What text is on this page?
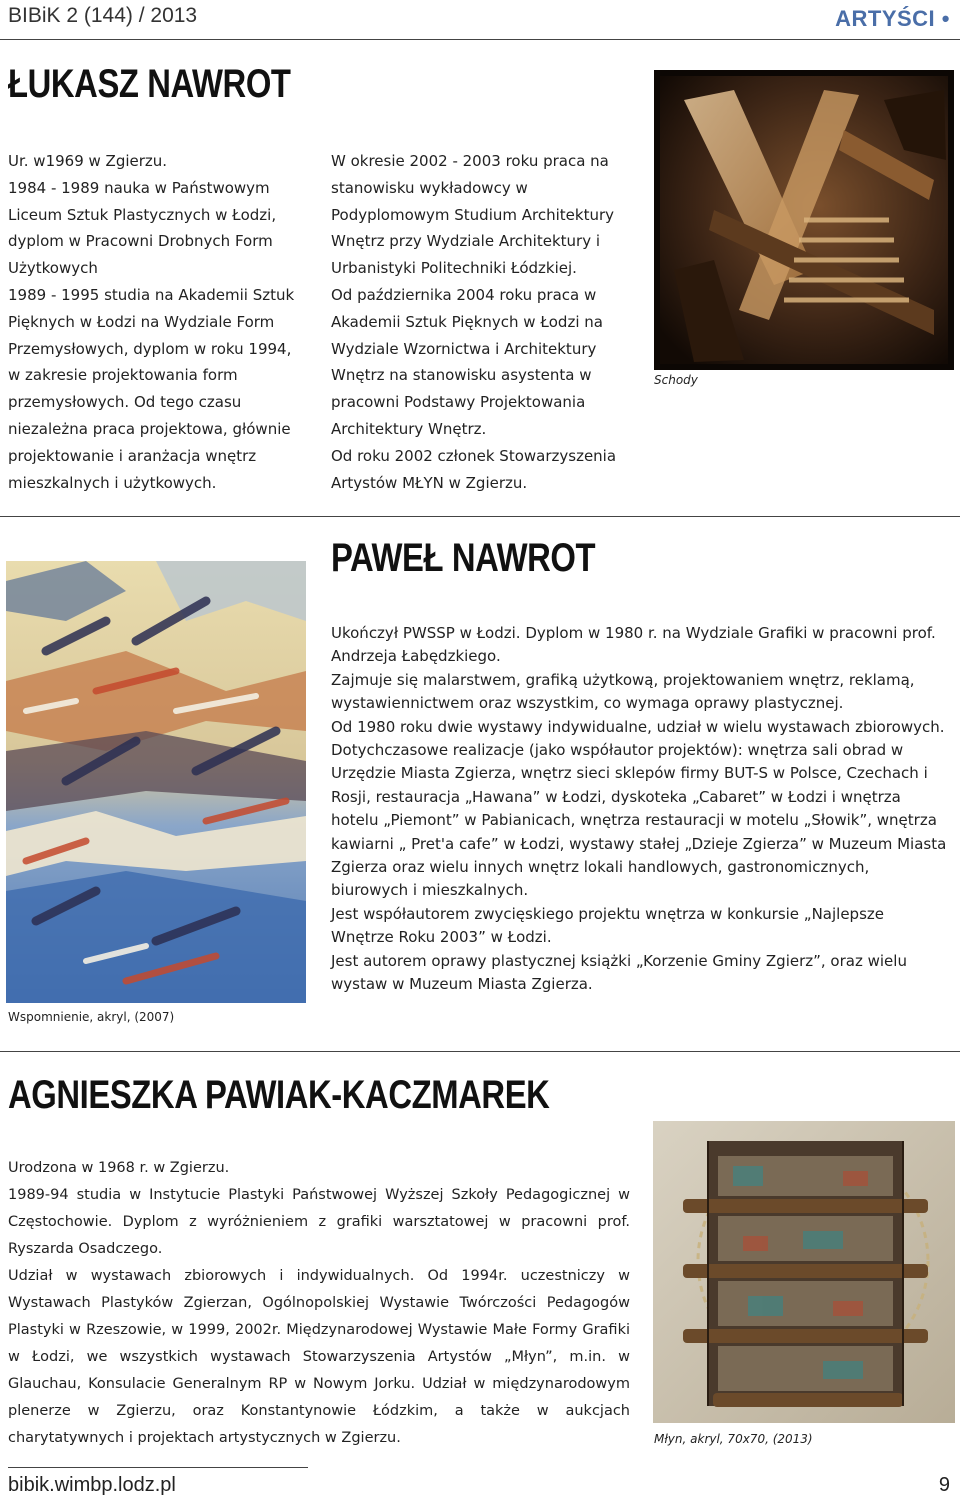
BIBiK 2 (144) / 2013	ARTYŚCI •
ŁUKASZ NAWROT

Ur. w1969 w Zgierzu.

1984 - 1989 nauka w Państwowym Liceum Sztuk Plastycznych w Łodzi, dyplom w Pracowni Drobnych Form Użytkowych

1989 - 1995 studia na Akademii Sztuk Pięknych w Łodzi na Wydziale Form Przemysłowych, dyplom w roku 1994, w zakresie projektowania form przemysłowych. Od tego czasu niezależna praca projektowa, głównie projektowanie i aranżacja wnętrz mieszkalnych i użytkowych.

W okresie 2002 - 2003 roku praca na stanowisku wykładowcy w Podyplomowym Studium Architektury Wnętrz przy Wydziale Architektury i Urbanistyki Politechniki Łódzkiej.

Od października 2004 roku praca w Akademii Sztuk Pięknych w Łodzi na Wydziale Wzornictwa i Architektury Wnętrz na stanowisku asystenta w pracowni Podstawy Projektowania Architektury Wnętrz.

Od roku 2002 członek Stowarzyszenia Artystów MŁYN w Zgierzu.

Schody
PAWEŁ NAWROT
Wspomnienie, akryl, (2007)

Ukończył PWSSP w Łodzi. Dyplom w 1980 r. na Wydziale Grafiki w pracowni prof. Andrzeja Łabędzkiego.

Zajmuje się malarstwem, grafiką użytkową, projektowaniem wnętrz, reklamą, wystawiennictwem oraz wszystkim, co wymaga oprawy plastycznej.

Od 1980 roku dwie wystawy indywidualne, udział w wielu wystawach zbiorowych.

Dotychczasowe realizacje (jako współautor projektów): wnętrza sali obrad w Urzędzie Miasta Zgierza, wnętrz sieci sklepów firmy BUT-S w Polsce, Czechach i Rosji, restauracja „Hawana” w Łodzi, dyskoteka „Cabaret” w Łodzi i wnętrza hotelu „Piemont” w Pabianicach, wnętrza restauracji w motelu „Słowik”, wnętrza kawiarni „ Pret'a cafe” w Łodzi, wystawy stałej „Dzieje Zgierza” w Muzeum Miasta Zgierza oraz wielu innych wnętrz lokali handlowych, gastronomicznych, biurowych i mieszkalnych.

Jest współautorem zwycięskiego projektu wnętrza w konkursie „Najlepsze Wnętrze Roku 2003” w Łodzi.

Jest autorem oprawy plastycznej książki „Korzenie Gminy Zgierz”, oraz wielu wystaw w Muzeum Miasta Zgierza.

AGNIESZKA PAWIAK-KACZMAREK

Urodzona w 1968 r. w Zgierzu.

1989-94 studia w Instytucie Plastyki Państwowej Wyższej Szkoły Pedagogicznej w Częstochowie. Dyplom z wyróżnieniem z grafiki warsztatowej w pracowni prof. Ryszarda Osadczego.

Udział w wystawach zbiorowych i indywidualnych. Od 1994r. uczestniczy w Wystawach Plastyków Zgierzan, Ogólnopolskiej Wystawie Twórczości Pedagogów Plastyki w Rzeszowie, w 1999, 2002r. Międzynarodowej Wystawie Małe Formy Grafiki w Łodzi, we wszystkich wystawach Stowarzyszenia Artystów „Młyn”, m.in. w Glauchau, Konsulacie Generalnym RP w Nowym Jorku. Udział w międzynarodowym plenerze w Zgierzu, oraz Konstantynowie Łódzkim, a także w aukcjach charytatywnych i projektach artystycznych w Zgierzu.	Młyn, akryl, 70x70, (2013)
bibik.wimbp.lodz.pl	9
